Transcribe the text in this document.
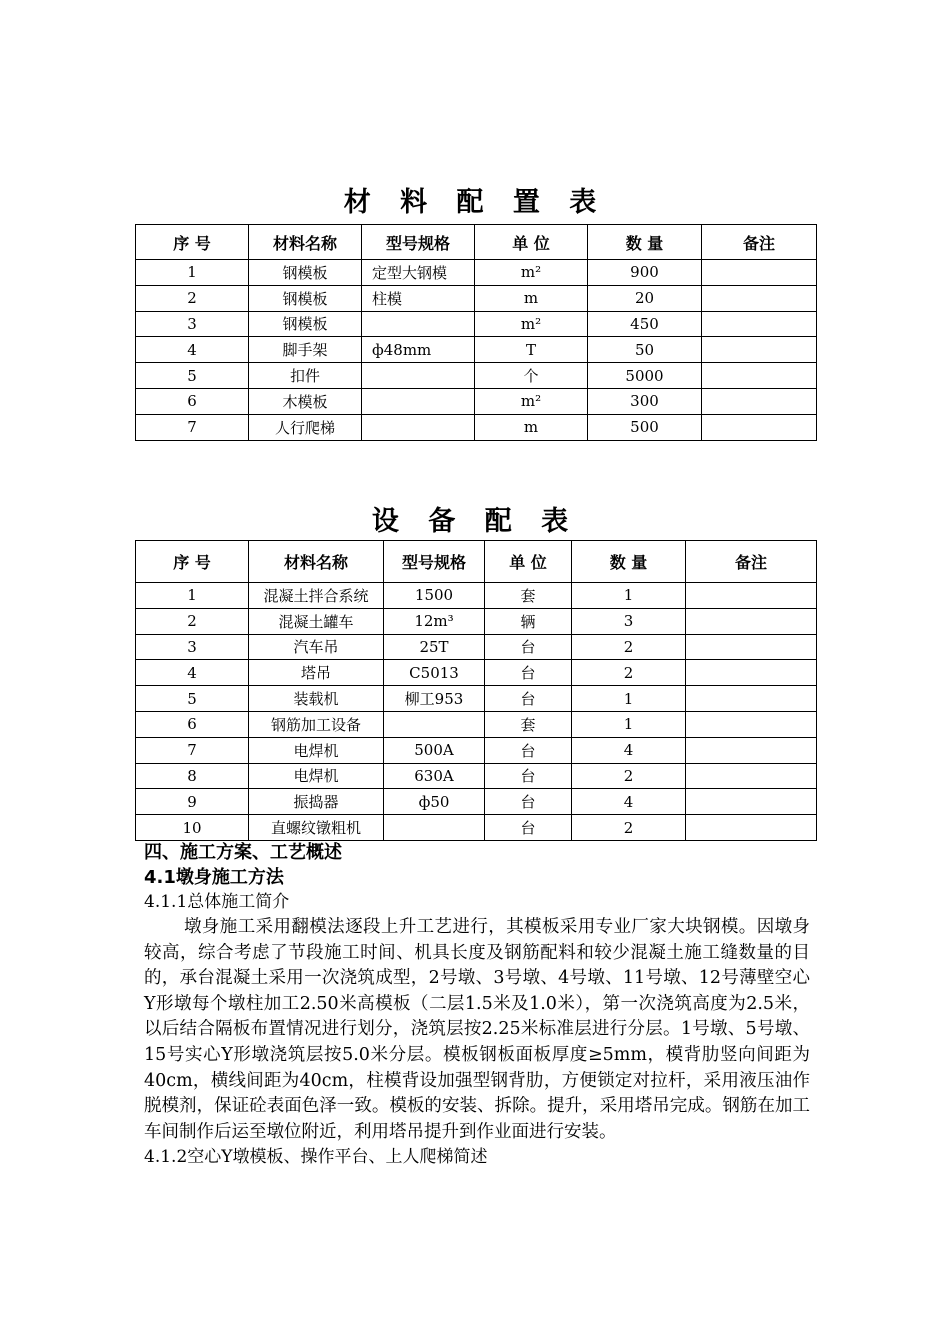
材 料 配 置 表
序 号	材料名称	型号规格	单 位	数 量	备注
1	钢模板	定型大钢模	m²	900	
2	钢模板	柱模	m	20	
3	钢模板		m²	450	
4	脚手架	ф48mm	T	50	
5	扣件		个	5000	
6	木模板		m²	300	
7	人行爬梯		m	500	
设 备 配 表
序 号	材料名称	型号规格	单 位	数 量	备注
1	混凝土拌合系统	1500	套	1	
2	混凝土罐车	12m³	辆	3	
3	汽车吊	25T	台	2	
4	塔吊	C5013	台	2	
5	装载机	柳工953	台	1	
6	钢筋加工设备		套	1	
7	电焊机	500A	台	4	
8	电焊机	630A	台	2	
9	振捣器	ф50	台	4	
10	直螺纹镦粗机		台	2	
四、施工方案、工艺概述
4.1墩身施工方法
4.1.1总体施工简介

墩身施工采用翻模法逐段上升工艺进行，其模板采用专业厂家大块钢模。因墩身较高，综合考虑了节段施工时间、机具长度及钢筋配料和较少混凝土施工缝数量的目的，承台混凝土采用一次浇筑成型，2号墩、3号墩、4号墩、11号墩、12号薄壁空心Y形墩每个墩柱加工2.50米高模板（二层1.5米及1.0米），第一次浇筑高度为2.5米，以后结合隔板布置情况进行划分，浇筑层按2.25米标准层进行分层。1号墩、5号墩、15号实心Y形墩浇筑层按5.0米分层。模板钢板面板厚度≥5mm，模背肋竖向间距为40cm，横线间距为40cm，柱模背设加强型钢背肋，方便锁定对拉杆，采用液压油作脱模剂，保证砼表面色泽一致。模板的安装、拆除。提升，采用塔吊完成。钢筋在加工车间制作后运至墩位附近，利用塔吊提升到作业面进行安装。

4.1.2空心Y墩模板、操作平台、上人爬梯简述
